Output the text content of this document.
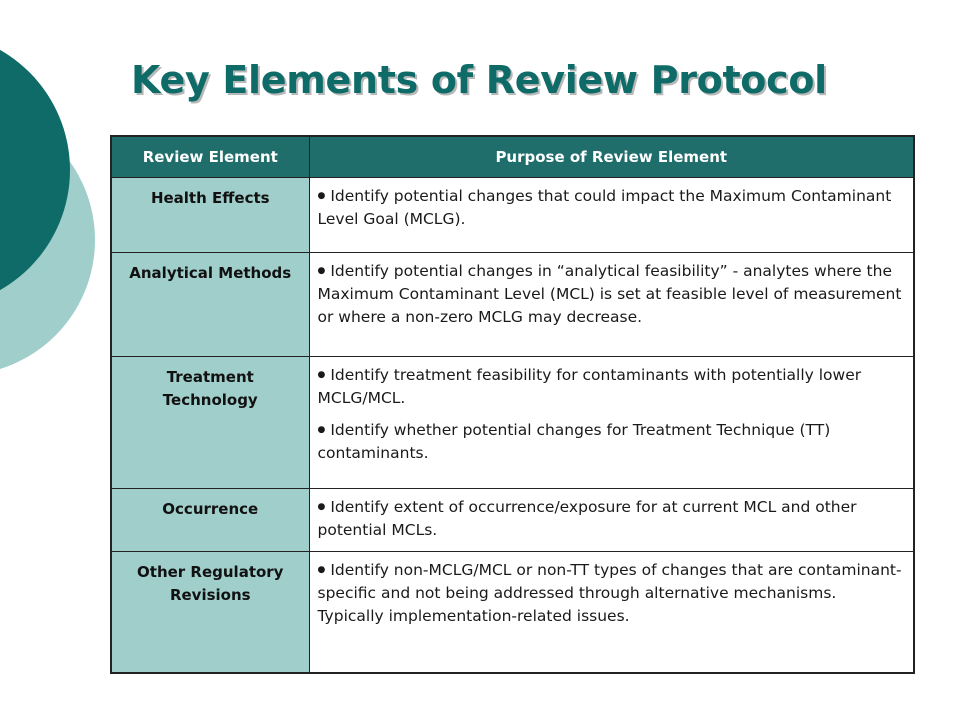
Key Elements of Review Protocol
Review Element	Purpose of Review Element
Health Effects	● Identify potential changes that could impact the Maximum Contaminant Level Goal (MCLG).

Analytical Methods	● Identify potential changes in “analytical feasibility” - analytes where the Maximum Contaminant Level (MCL) is set at feasible level of measurement or where a non-zero MCLG may decrease.

Treatment Technology	● Identify treatment feasibility for contaminants with potentially lower MCLG/MCL.
● Identify whether potential changes for Treatment Technique (TT) contaminants.

Occurrence	● Identify extent of occurrence/exposure for at current MCL and other potential MCLs.

Other Regulatory Revisions	● Identify non-MCLG/MCL or non-TT types of changes that are contaminant-specific and not being addressed through alternative mechanisms. Typically implementation-related issues.
